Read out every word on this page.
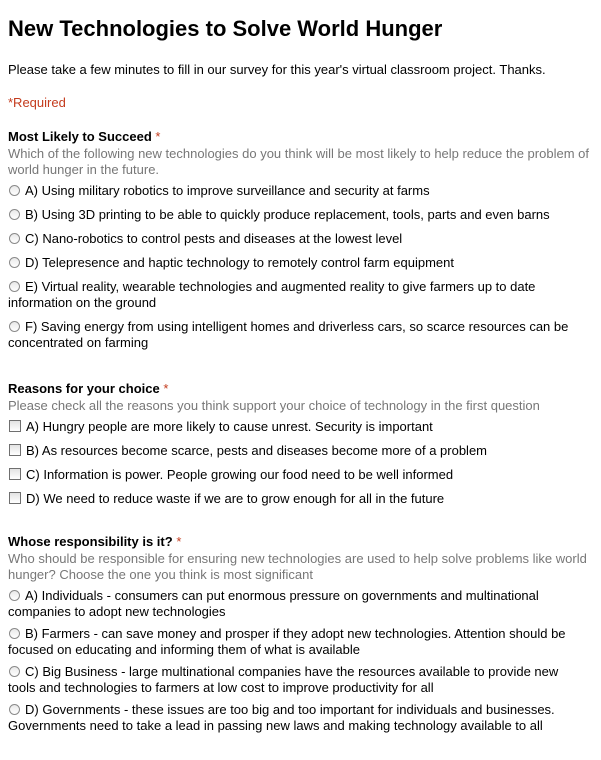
New Technologies to Solve World Hunger

Please take a few minutes to fill in our survey for this year's virtual classroom project. Thanks.

*Required

Most Likely to Succeed *

Which of the following new technologies do you think will be most likely to help reduce the problem of world hunger in the future.

A) Using military robotics to improve surveillance and security at farms
B) Using 3D printing to be able to quickly produce replacement, tools, parts and even barns
C) Nano-robotics to control pests and diseases at the lowest level
D) Telepresence and haptic technology to remotely control farm equipment
E) Virtual reality, wearable technologies and augmented reality to give farmers up to date information on the ground
F) Saving energy from using intelligent homes and driverless cars, so scarce resources can be concentrated on farming

Reasons for your choice *

Please check all the reasons you think support your choice of technology in the first question

A) Hungry people are more likely to cause unrest. Security is important
B) As resources become scarce, pests and diseases become more of a problem
C) Information is power. People growing our food need to be well informed
D) We need to reduce waste if we are to grow enough for all in the future

Whose responsibility is it? *

Who should be responsible for ensuring new technologies are used to help solve problems like world hunger? Choose the one you think is most significant

A) Individuals - consumers can put enormous pressure on governments and multinational companies to adopt new technologies
B) Farmers - can save money and prosper if they adopt new technologies. Attention should be focused on educating and informing them of what is available
C) Big Business - large multinational companies have the resources available to provide new tools and technologies to farmers at low cost to improve productivity for all
D) Governments - these issues are too big and too important for individuals and businesses. Governments need to take a lead in passing new laws and making technology available to all
